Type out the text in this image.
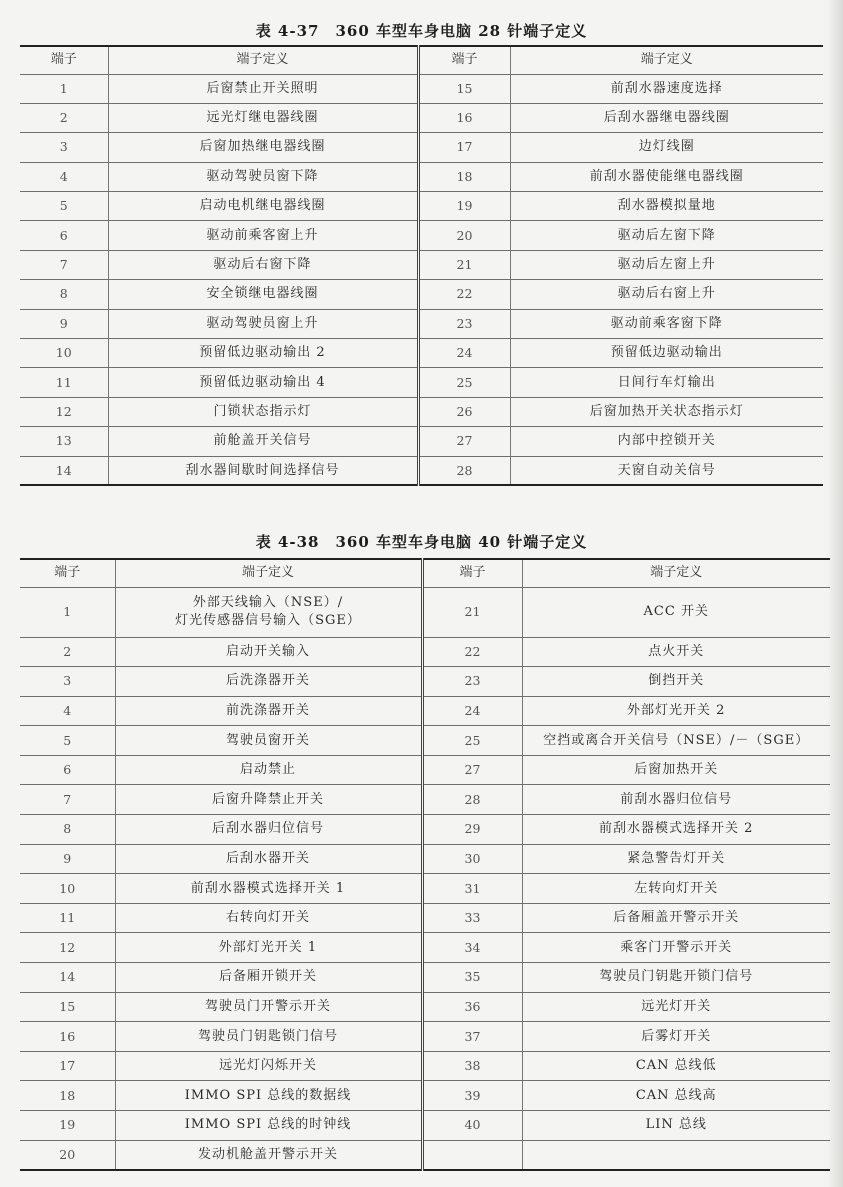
表 4-37　360 车型车身电脑 28 针端子定义
端子	端子定义	端子	端子定义
1	后窗禁止开关照明	15	前刮水器速度选择
2	远光灯继电器线圈	16	后刮水器继电器线圈
3	后窗加热继电器线圈	17	边灯线圈
4	驱动驾驶员窗下降	18	前刮水器使能继电器线圈
5	启动电机继电器线圈	19	刮水器模拟量地
6	驱动前乘客窗上升	20	驱动后左窗下降
7	驱动后右窗下降	21	驱动后左窗上升
8	安全锁继电器线圈	22	驱动后右窗上升
9	驱动驾驶员窗上升	23	驱动前乘客窗下降
10	预留低边驱动输出 2	24	预留低边驱动输出
11	预留低边驱动输出 4	25	日间行车灯输出
12	门锁状态指示灯	26	后窗加热开关状态指示灯
13	前舱盖开关信号	27	内部中控锁开关
14	刮水器间歇时间选择信号	28	天窗自动关信号
表 4-38　360 车型车身电脑 40 针端子定义
端子	端子定义	端子	端子定义
1	外部天线输入（NSE）/
灯光传感器信号输入（SGE）	21	ACC 开关
2	启动开关输入	22	点火开关
3	后洗涤器开关	23	倒挡开关
4	前洗涤器开关	24	外部灯光开关 2
5	驾驶员窗开关	25	空挡或离合开关信号（NSE）/－（SGE）
6	启动禁止	27	后窗加热开关
7	后窗升降禁止开关	28	前刮水器归位信号
8	后刮水器归位信号	29	前刮水器模式选择开关 2
9	后刮水器开关	30	紧急警告灯开关
10	前刮水器模式选择开关 1	31	左转向灯开关
11	右转向灯开关	33	后备厢盖开警示开关
12	外部灯光开关 1	34	乘客门开警示开关
14	后备厢开锁开关	35	驾驶员门钥匙开锁门信号
15	驾驶员门开警示开关	36	远光灯开关
16	驾驶员门钥匙锁门信号	37	后雾灯开关
17	远光灯闪烁开关	38	CAN 总线低
18	IMMO SPI 总线的数据线	39	CAN 总线高
19	IMMO SPI 总线的时钟线	40	LIN 总线
20	发动机舱盖开警示开关		
